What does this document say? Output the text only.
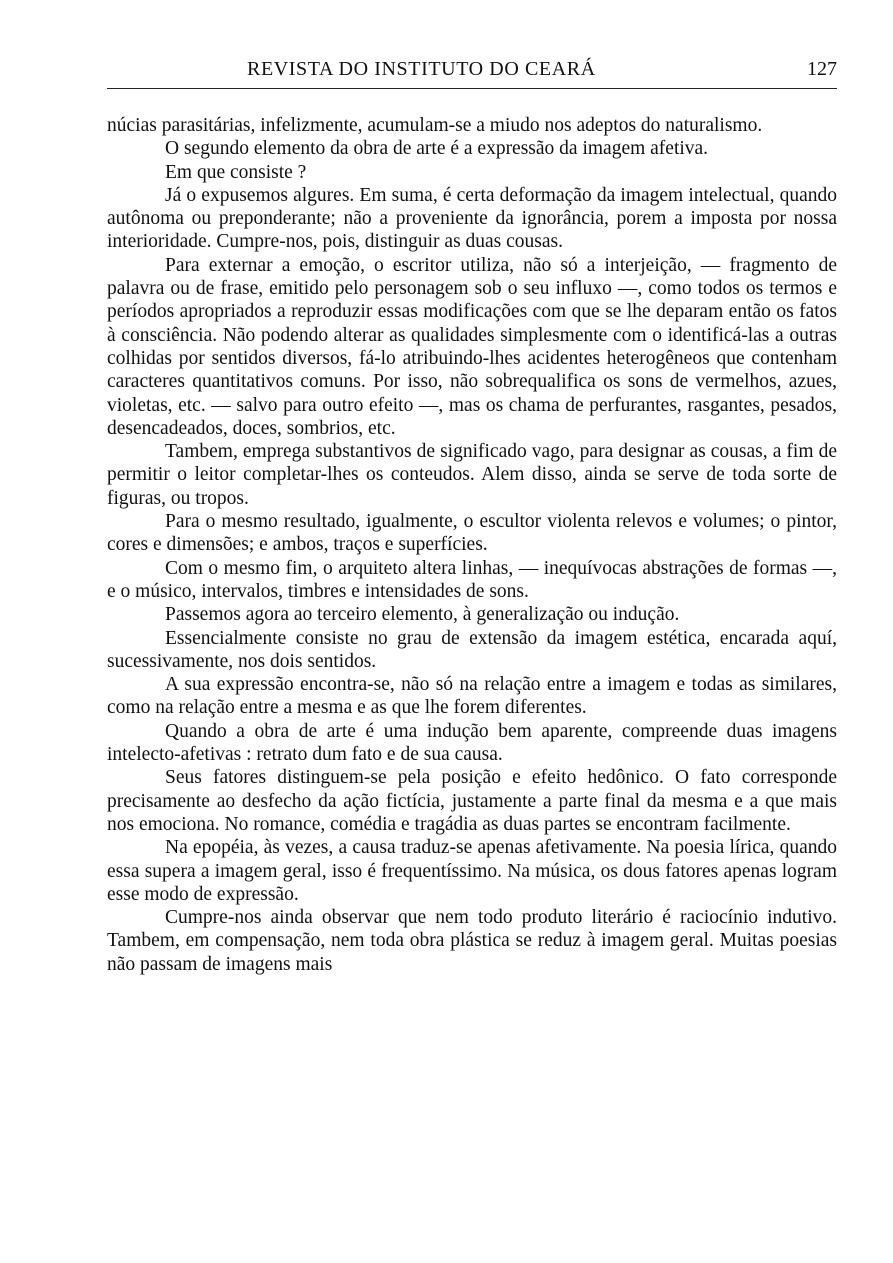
REVISTA DO INSTITUTO DO CEARÁ	127

núcias parasitárias, infelizmente, acumulam-se a miudo nos adeptos do naturalismo.

O segundo elemento da obra de arte é a expressão da imagem afetiva.

Em que consiste ?

Já o expusemos algures. Em suma, é certa deformação da imagem intelectual, quando autônoma ou preponderante; não a proveniente da ignorância, porem a imposta por nossa interioridade. Cumpre-nos, pois, distinguir as duas cousas.

Para externar a emoção, o escritor utiliza, não só a interjeição, — fragmento de palavra ou de frase, emitido pelo personagem sob o seu influxo —, como todos os termos e períodos apropriados a reproduzir essas modificações com que se lhe deparam então os fatos à consciência. Não podendo alterar as qualidades simplesmente com o identificá-las a outras colhidas por sentidos diversos, fá-lo atribuindo-lhes acidentes heterogêneos que contenham caracteres quantitativos comuns. Por isso, não sobrequalifica os sons de vermelhos, azues, violetas, etc. — salvo para outro efeito —, mas os chama de perfurantes, rasgantes, pesados, desencadeados, doces, sombrios, etc.

Tambem, emprega substantivos de significado vago, para designar as cousas, a fim de permitir o leitor completar-lhes os conteudos. Alem disso, ainda se serve de toda sorte de figuras, ou tropos.

Para o mesmo resultado, igualmente, o escultor violenta relevos e volumes; o pintor, cores e dimensões; e ambos, traços e superfícies.

Com o mesmo fim, o arquiteto altera linhas, — inequívocas abstrações de formas —, e o músico, intervalos, timbres e intensidades de sons.

Passemos agora ao terceiro elemento, à generalização ou indução.

Essencialmente consiste no grau de extensão da imagem estética, encarada aquí, sucessivamente, nos dois sentidos.

A sua expressão encontra-se, não só na relação entre a imagem e todas as similares, como na relação entre a mesma e as que lhe forem diferentes.

Quando a obra de arte é uma indução bem aparente, compreende duas imagens intelecto-afetivas : retrato dum fato e de sua causa.

Seus fatores distinguem-se pela posição e efeito hedônico. O fato corresponde precisamente ao desfecho da ação fictícia, justamente a parte final da mesma e a que mais nos emociona. No romance, comédia e tragádia as duas partes se encontram facilmente.

Na epopéia, às vezes, a causa traduz-se apenas afetivamente. Na poesia lírica, quando essa supera a imagem geral, isso é frequentíssimo. Na música, os dous fatores apenas logram esse modo de expressão.

Cumpre-nos ainda observar que nem todo produto literário é raciocínio indutivo. Tambem, em compensação, nem toda obra plástica se reduz à imagem geral. Muitas poesias não passam de imagens mais
